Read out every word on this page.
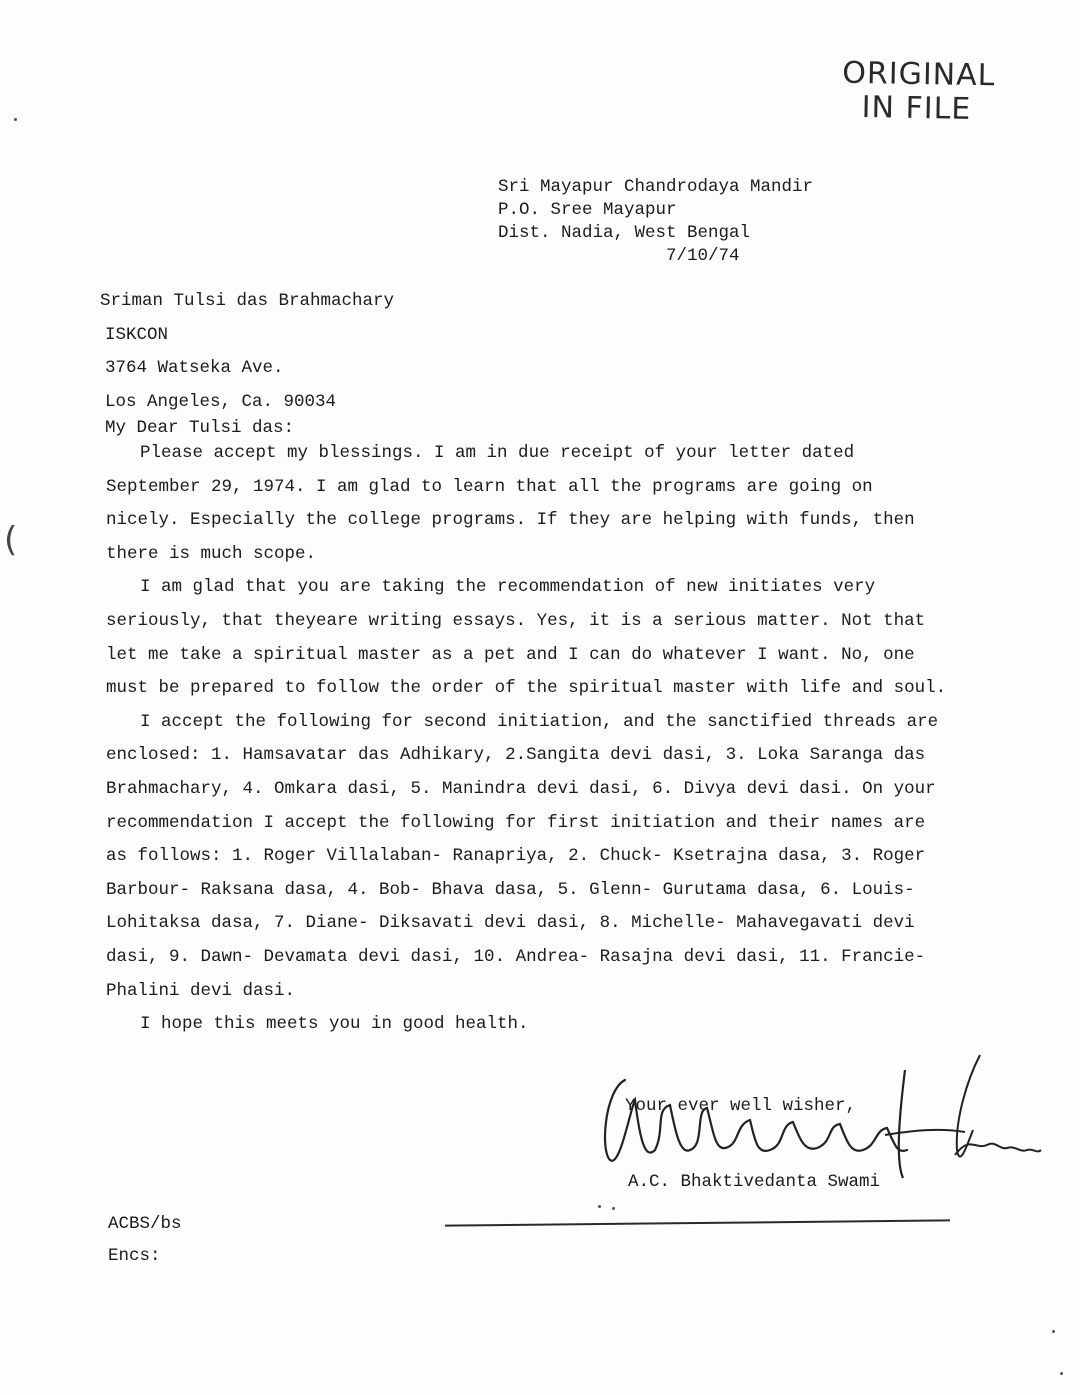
ORIGINAL
IN FILE
Sri Mayapur Chandrodaya Mandir
P.O. Sree Mayapur
Dist. Nadia, West Bengal
7/10/74
Sriman Tulsi das Brahmachary
ISKCON
3764 Watseka Ave.
Los Angeles, Ca. 90034
My Dear Tulsi das:

Please accept my blessings. I am in due receipt of your letter dated September 29, 1974. I am glad to learn that all the programs are going on nicely. Especially the college programs. If they are helping with funds, then there is much scope.

I am glad that you are taking the recommendation of new initiates very seriously, that theyeare writing essays. Yes, it is a serious matter. Not that let me take a spiritual master as a pet and I can do whatever I want. No, one must be prepared to follow the order of the spiritual master with life and soul.

I accept the following for second initiation, and the sanctified threads are enclosed: 1. Hamsavatar das Adhikary, 2.Sangita devi dasi, 3. Loka Saranga das Brahmachary, 4. Omkara dasi, 5. Manindra devi dasi, 6. Divya devi dasi. On your recommendation I accept the following for first initiation and their names are as follows: 1. Roger Villalaban- Ranapriya, 2. Chuck- Ksetrajna dasa, 3. Roger Barbour- Raksana dasa, 4. Bob- Bhava dasa, 5. Glenn- Gurutama dasa, 6. Louis- Lohitaksa dasa, 7. Diane- Diksavati devi dasi, 8. Michelle- Mahavegavati devi dasi, 9. Dawn- Devamata devi dasi, 10. Andrea- Rasajna devi dasi, 11. Francie- Phalini devi dasi.

I hope this meets you in good health.

Your ever well wisher,
A.C. Bhaktivedanta Swami
ACBS/bs
Encs:
(
